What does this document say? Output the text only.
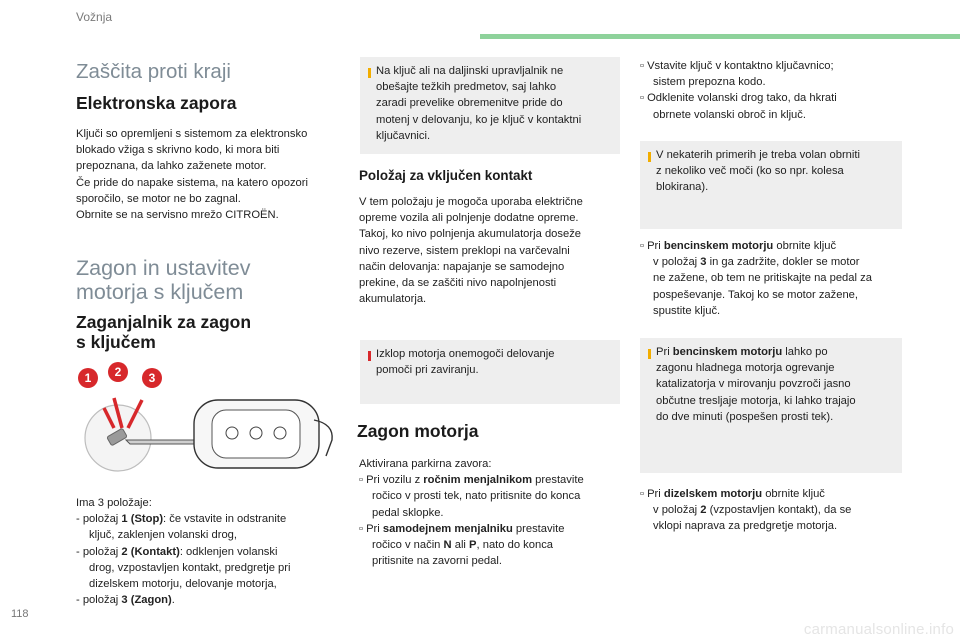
Vožnja
Zaščita proti kraji
Elektronska zapora
Ključi so opremljeni s sistemom za elektronsko
blokado vžiga s skrivno kodo, ki mora biti
prepoznana, da lahko zaženete motor.
Če pride do napake sistema, na katero opozori
sporočilo, se motor ne bo zagnal.
Obrnite se na servisno mrežo CITROËN.
Zagon in ustavitev
motorja s ključem
Zaganjalnik za zagon
s ključem
1 2 3
Ima 3 položaje:
- položaj 1 (Stop): če vstavite in odstranite
ključ, zaklenjen volanski drog,
- položaj 2 (Kontakt): odklenjen volanski
drog, vzpostavljen kontakt, predgretje pri
dizelskem motorju, delovanje motorja,
- položaj 3 (Zagon).
Na ključ ali na daljinski upravljalnik ne
obešajte težkih predmetov, saj lahko
zaradi prevelike obremenitve pride do
motenj v delovanju, ko je ključ v kontaktni
ključavnici.
Položaj za vključen kontakt
V tem položaju je mogoča uporaba električne
opreme vozila ali polnjenje dodatne opreme.
Takoj, ko nivo polnjenja akumulatorja doseže
nivo rezerve, sistem preklopi na varčevalni
način delovanja: napajanje se samodejno
prekine, da se zaščiti nivo napolnjenosti
akumulatorja.
Izklop motorja onemogoči delovanje
pomoči pri zaviranju.
Zagon motorja
Aktivirana parkirna zavora:
▫ Pri vozilu z ročnim menjalnikom prestavite
ročico v prosti tek, nato pritisnite do konca
pedal sklopke.
▫ Pri samodejnem menjalniku prestavite
ročico v način N ali P, nato do konca
pritisnite na zavorni pedal.
▫ Vstavite ključ v kontaktno ključavnico;
sistem prepozna kodo.
▫ Odklenite volanski drog tako, da hkrati
obrnete volanski obroč in ključ.
V nekaterih primerih je treba volan obrniti
z nekoliko več moči (ko so npr. kolesa
blokirana).
▫ Pri bencinskem motorju obrnite ključ
v položaj 3 in ga zadržite, dokler se motor
ne zažene, ob tem ne pritiskajte na pedal za
pospeševanje. Takoj ko se motor zažene,
spustite ključ.
Pri bencinskem motorju lahko po
zagonu hladnega motorja ogrevanje
katalizatorja v mirovanju povzroči jasno
občutne tresljaje motorja, ki lahko trajajo
do dve minuti (pospešen prosti tek).
▫ Pri dizelskem motorju obrnite ključ
v položaj 2 (vzpostavljen kontakt), da se
vklopi naprava za predgretje motorja.
118
carmanualsonline.info
